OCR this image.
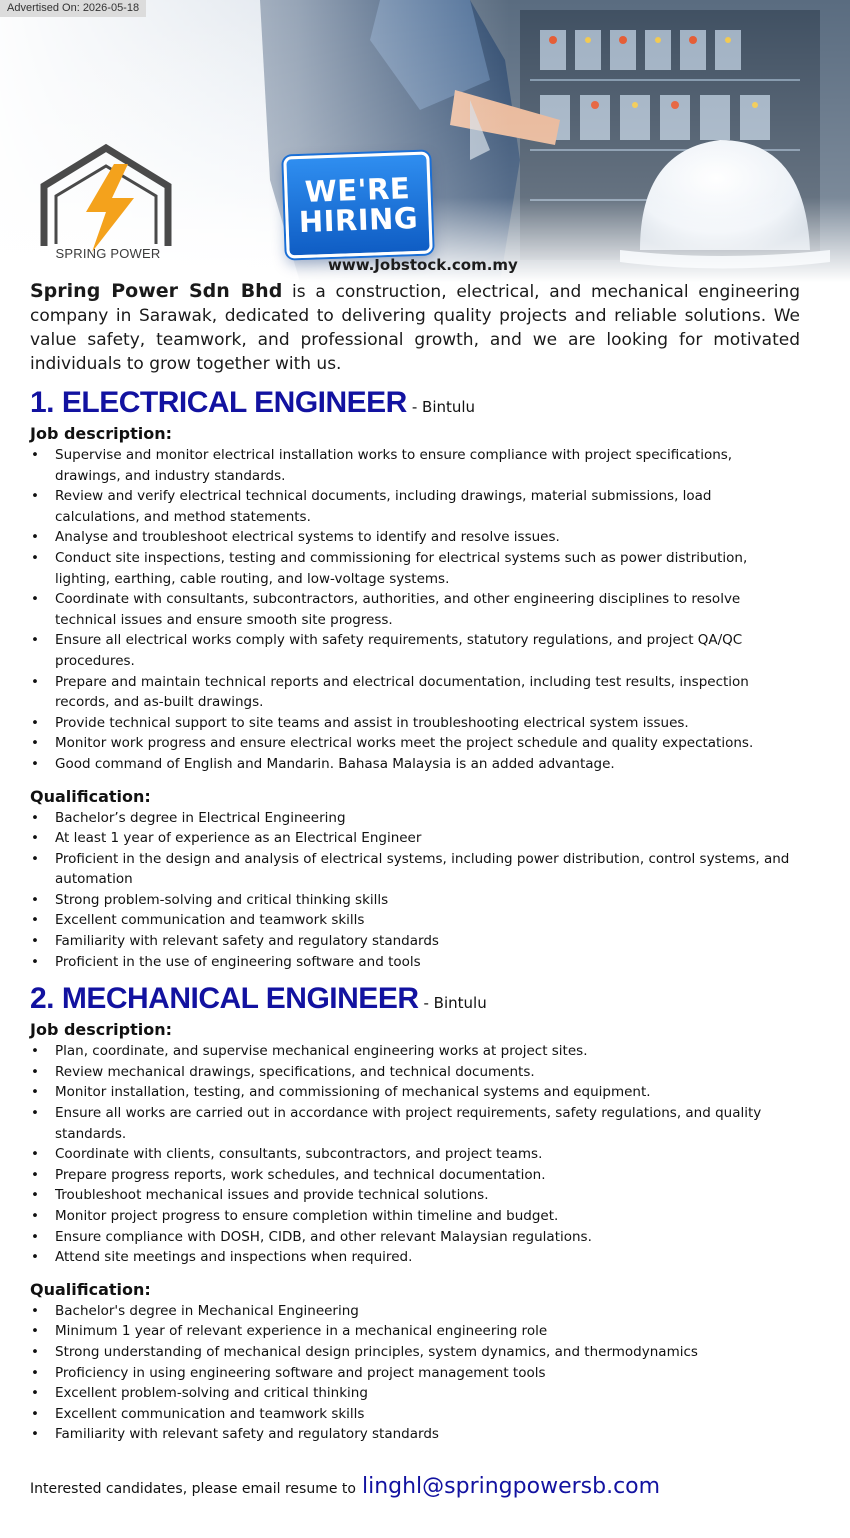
Advertised On: 2026-05-18
SPRING POWER
WE'RE
HIRING
www.Jobstock.com.my

Spring Power Sdn Bhd is a construction, electrical, and mechanical engineering company in Sarawak, dedicated to delivering quality projects and reliable solutions. We value safety, teamwork, and professional growth, and we are looking for motivated individuals to grow together with us.

1. ELECTRICAL ENGINEER - Bintulu
Job description:
• Supervise and monitor electrical installation works to ensure compliance with project specifications, drawings, and industry standards.
• Review and verify electrical technical documents, including drawings, material submissions, load calculations, and method statements.
• Analyse and troubleshoot electrical systems to identify and resolve issues.
• Conduct site inspections, testing and commissioning for electrical systems such as power distribution, lighting, earthing, cable routing, and low-voltage systems.
• Coordinate with consultants, subcontractors, authorities, and other engineering disciplines to resolve technical issues and ensure smooth site progress.
• Ensure all electrical works comply with safety requirements, statutory regulations, and project QA/QC procedures.
• Prepare and maintain technical reports and electrical documentation, including test results, inspection records, and as-built drawings.
• Provide technical support to site teams and assist in troubleshooting electrical system issues.
• Monitor work progress and ensure electrical works meet the project schedule and quality expectations.
• Good command of English and Mandarin. Bahasa Malaysia is an added advantage.
Qualification:
• Bachelor’s degree in Electrical Engineering
• At least 1 year of experience as an Electrical Engineer
• Proficient in the design and analysis of electrical systems, including power distribution, control systems, and automation
• Strong problem-solving and critical thinking skills
• Excellent communication and teamwork skills
• Familiarity with relevant safety and regulatory standards
• Proficient in the use of engineering software and tools
2. MECHANICAL ENGINEER - Bintulu
Job description:
• Plan, coordinate, and supervise mechanical engineering works at project sites.
• Review mechanical drawings, specifications, and technical documents.
• Monitor installation, testing, and commissioning of mechanical systems and equipment.
• Ensure all works are carried out in accordance with project requirements, safety regulations, and quality standards.
• Coordinate with clients, consultants, subcontractors, and project teams.
• Prepare progress reports, work schedules, and technical documentation.
• Troubleshoot mechanical issues and provide technical solutions.
• Monitor project progress to ensure completion within timeline and budget.
• Ensure compliance with DOSH, CIDB, and other relevant Malaysian regulations.
• Attend site meetings and inspections when required.
Qualification:
• Bachelor's degree in Mechanical Engineering
• Minimum 1 year of relevant experience in a mechanical engineering role
• Strong understanding of mechanical design principles, system dynamics, and thermodynamics
• Proficiency in using engineering software and project management tools
• Excellent problem-solving and critical thinking
• Excellent communication and teamwork skills
• Familiarity with relevant safety and regulatory standards
Interested candidates, please email resume to linghl@springpowersb.com
